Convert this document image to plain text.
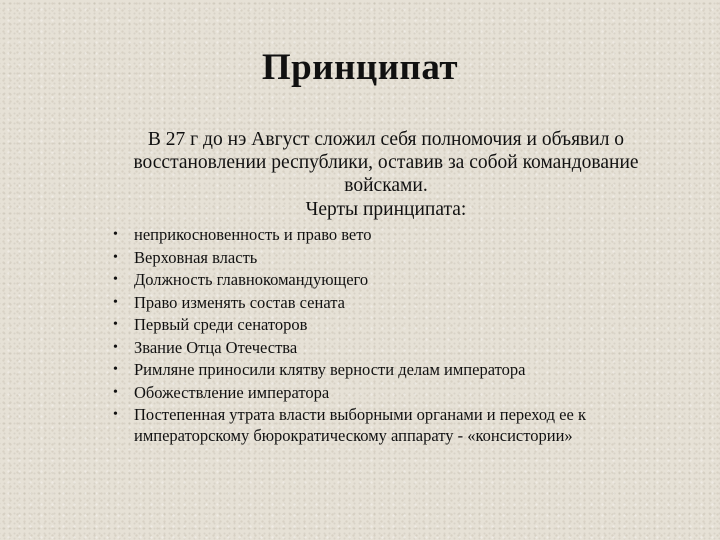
Принципат
В 27 г до нэ Август сложил себя полномочия и объявил о восстановлении республики, оставив за собой командование войсками.
Черты принципата:
• неприкосновенность и право вето
• Верховная власть
• Должность главнокомандующего
• Право изменять состав сената
• Первый среди сенаторов
• Звание Отца Отечества
• Римляне приносили клятву верности делам императора
• Обожествление императора
• Постепенная утрата власти выборными органами и переход ее к императорскому бюрократическому аппарату - «консистории»
